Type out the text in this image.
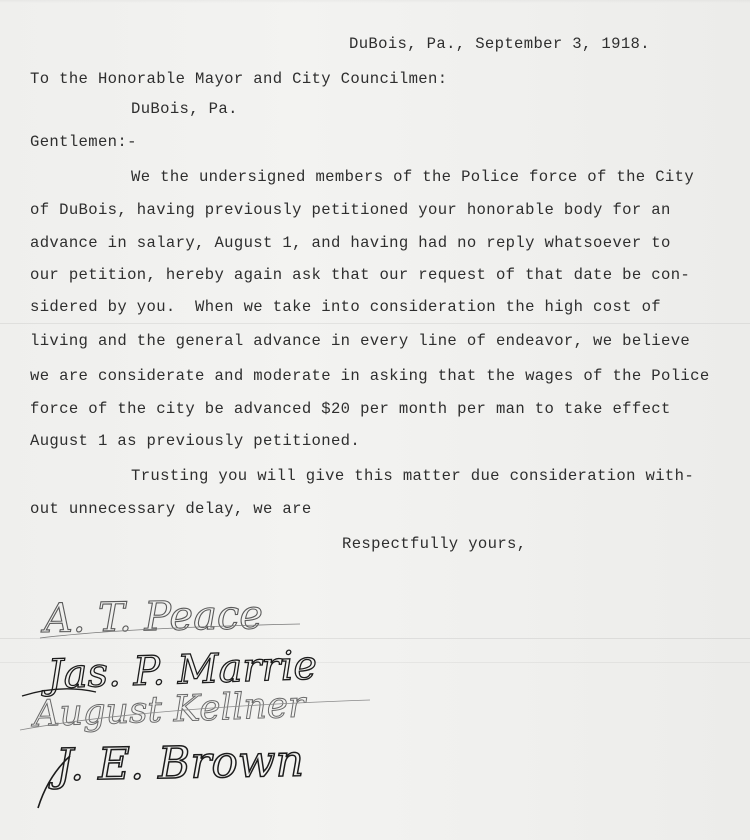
DuBois, Pa., September 3, 1918.
To the Honorable Mayor and City Councilmen:
DuBois, Pa.
Gentlemen:-
We the undersigned members of the Police force of the City
of DuBois, having previously petitioned your honorable body for an
advance in salary, August 1, and having had no reply whatsoever to
our petition, hereby again ask that our request of that date be con-
sidered by you.  When we take into consideration the high cost of
living and the general advance in every line of endeavor, we believe
we are considerate and moderate in asking that the wages of the Police
force of the city be advanced $20 per month per man to take effect
August 1 as previously petitioned.
Trusting you will give this matter due consideration with-
out unnecessary delay, we are
Respectfully yours,
A. T. Peace
Jas. P. Marrie
August Kellner
J. E. Brown
